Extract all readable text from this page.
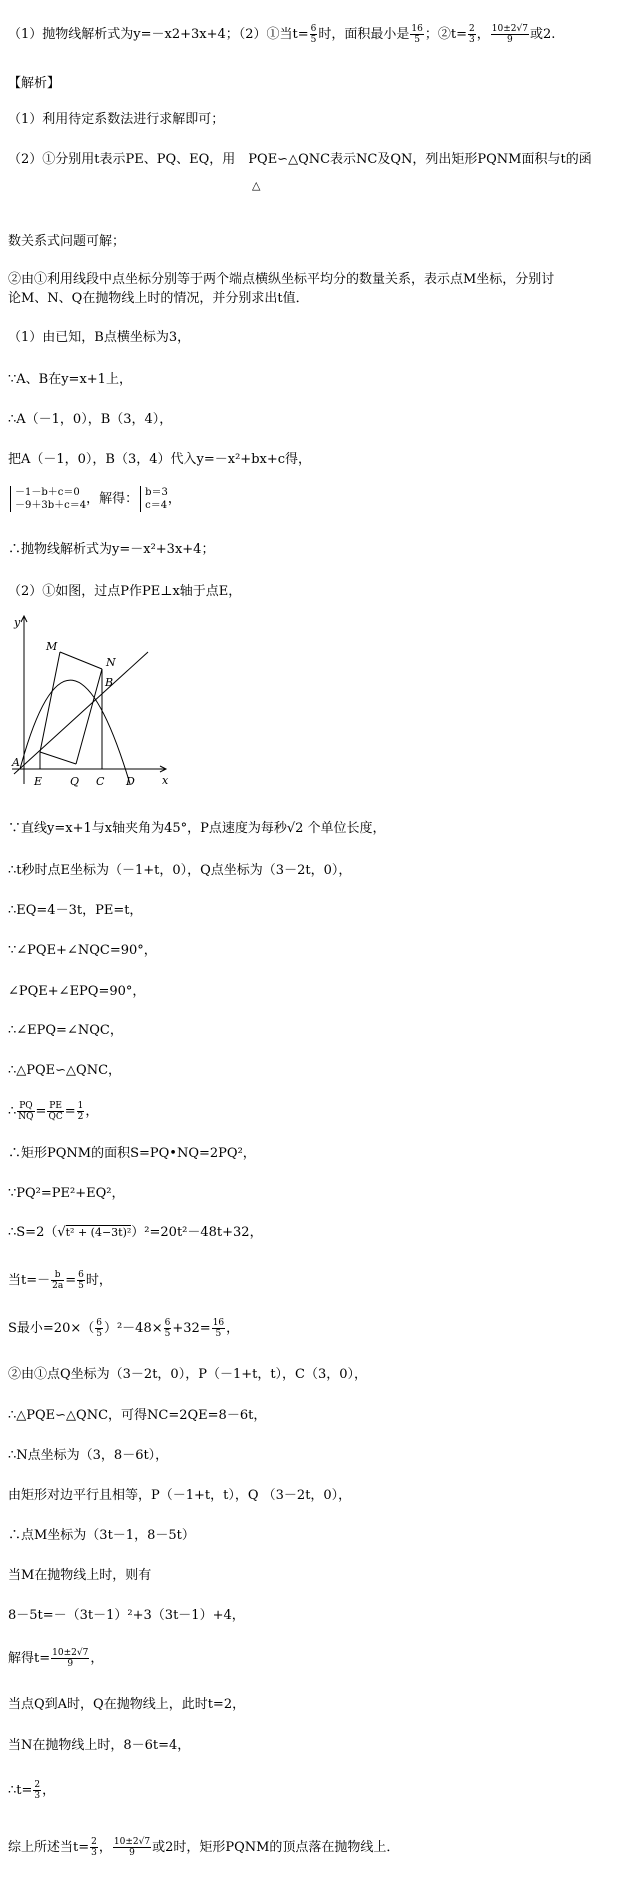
（1）抛物线解析式为y=－x2+3x+4；（2）①当$t= \frac{6}{5}$ 时，面积最小是 $\frac{16}{5}$ ；②t= $\frac{2}{3}$ ， $\frac{10\pm 2√7}{9}$ 或2.
【解析】
（1）利用待定系数法进行求解即可；
（2）①分别用t表示PE、PQ、EQ，用　PQE∽△QNC表示NC及QN，列出矩形PQNM面积与t的函
△
数关系式问题可解；
②由①利用线段中点坐标分别等于两个端点横纵坐标平均分的数量关系，表示点M坐标，分别讨
论M、N、Q在抛物线上时的情况，并分别求出t值．
（1）由已知，B点横坐标为3，
∵A、B在y=x+1上，
∴A（－1，0），B（3，4），
把A（－1，0），B（3，4）代入y=－x²+bx+c得，
－1－b＋c＝0
－9＋3b＋c＝4 ，解得： b＝3
c＝4 ，
∴抛物线解析式为y=－x²+3x+4；
（2）①如图，过点P作PE⊥x轴于点E，
y
x
M
N
B
A
E	Q C D
∵直线y=x+1与x轴夹角为45°，P点速度为每秒√2 个单位长度，
∴t秒时点E坐标为（－1+t，0），Q点坐标为（3－2t，0），
∴EQ=4－3t，PE=t，
∵∠PQE+∠NQC=90°，
∠PQE+∠EPQ=90°，
∴∠EPQ=∠NQC，
∴△PQE∽△QNC，
∴ $\frac{PQ}{NQ} = \frac{PE}{QC} = \frac{1}{2}$ ，
∴矩形PQNM的面积S=PQ•NQ=2PQ²，
∵PQ²=PE²+EQ²，
∴S=2（√t² + (4−3t)²）²=20t²－48t+32，
当$t=- \frac{b}{2a} = \frac{6}{5}$ 时，
S最小$=20\times( \frac{6}{5} )^2-48\times \frac{6}{5} +32= \frac{16}{5}$ ，
②由①点Q坐标为（3－2t，0），P（－1+t，t），C（3，0），
∴△PQE∽△QNC，可得NC=2QE=8－6t，
∴N点坐标为（3，8－6t），
由矩形对边平行且相等，P（－1+t，t），Q （3－2t，0），
∴点M坐标为（3t－1，8－5t）
当M在抛物线上时，则有
8－5t=－（3t－1）²+3（3t－1）+4，
解得$t= \frac{10\pm 2√7}{9}$ ，
当点Q到A时，Q在抛物线上，此时t=2，
当N在抛物线上时，8－6t=4，
∴t= $\frac{2}{3}$ ，
综上所述当$t= \frac{2}{3}$ ， $\frac{10\pm 2√7}{9}$ 或2时，矩形PQNM的顶点落在抛物线上．
